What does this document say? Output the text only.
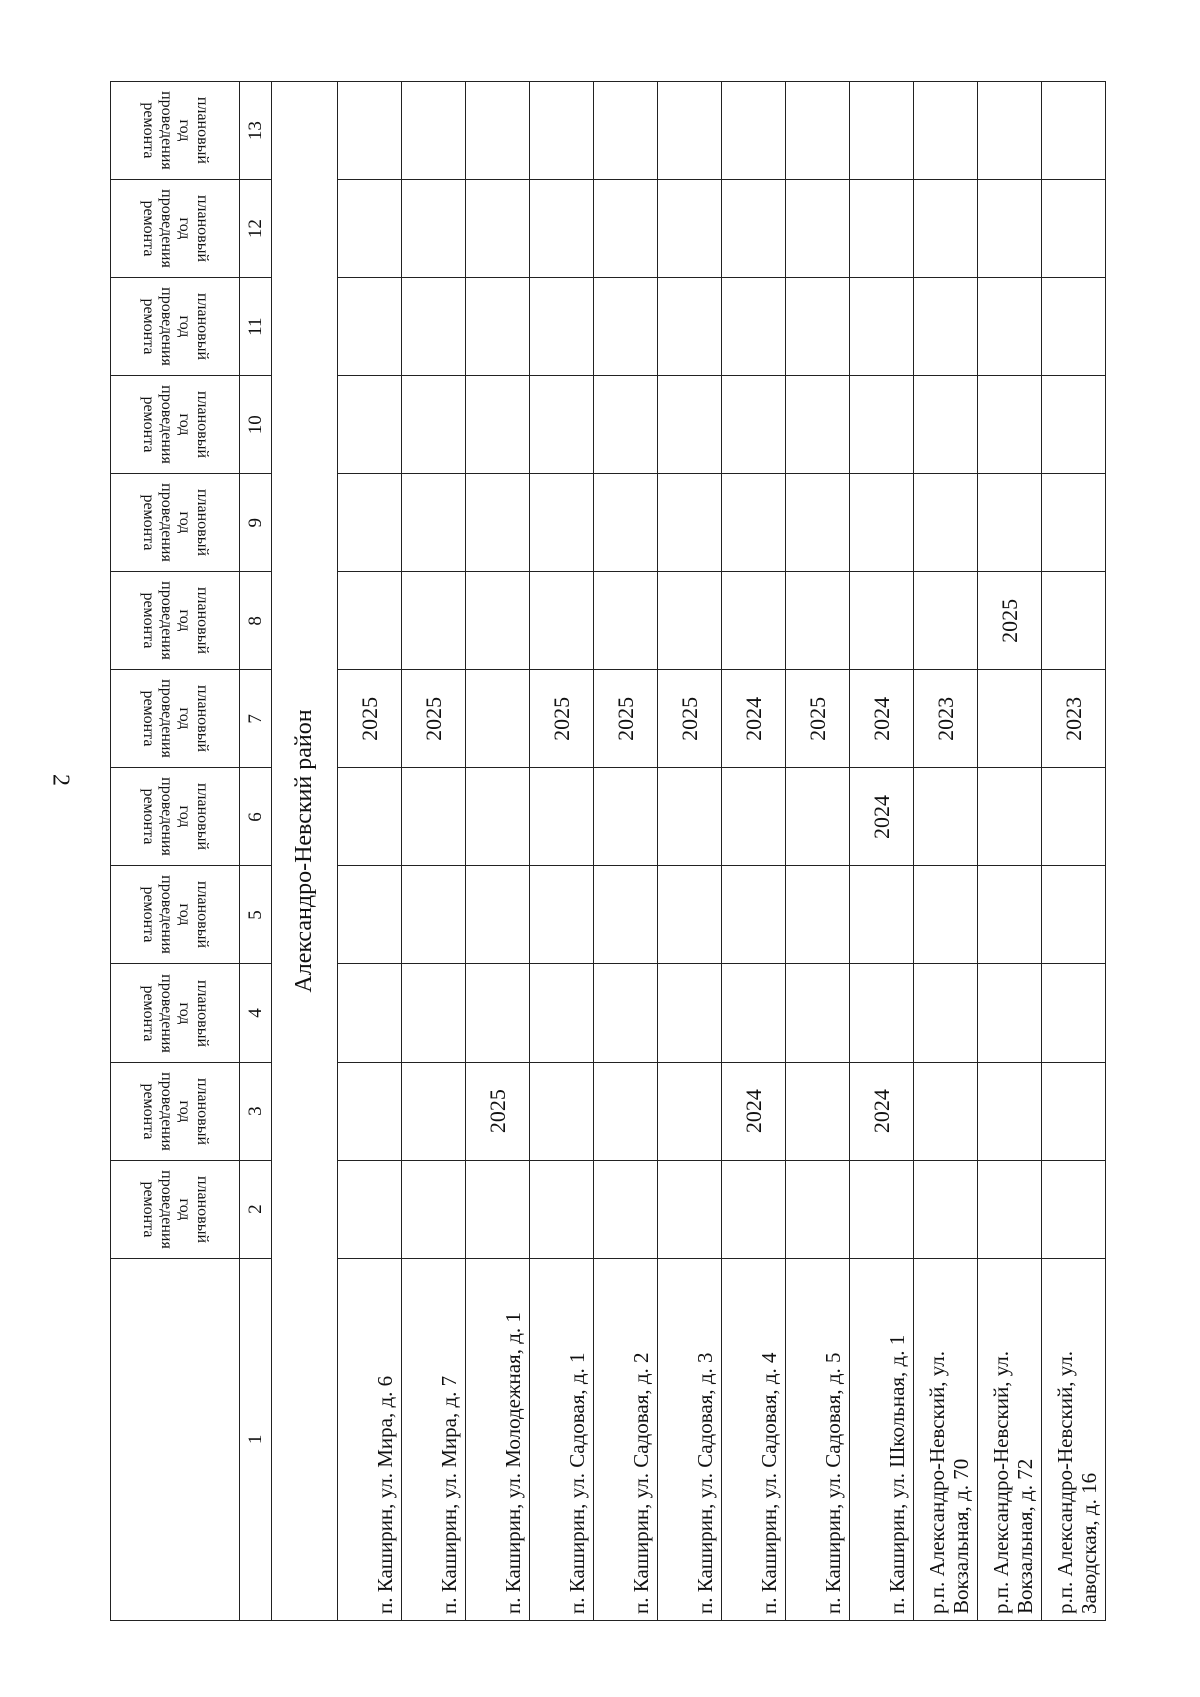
2
	плановый год проведения ремонта	плановый год проведения ремонта	плановый год проведения ремонта	плановый год проведения ремонта	плановый год проведения ремонта	плановый год проведения ремонта	плановый год проведения ремонта	плановый год проведения ремонта	плановый год проведения ремонта	плановый год проведения ремонта	плановый год проведения ремонта	плановый год проведения ремонта
1	2	3	4	5	6	7	8	9	10	11	12	13
Александро-Невский район												
п. Каширин, ул. Мира, д. 6						2025						
п. Каширин, ул. Мира, д. 7						2025						
п. Каширин, ул. Молодежная, д. 1		2025										
п. Каширин, ул. Садовая, д. 1						2025						
п. Каширин, ул. Садовая, д. 2						2025						
п. Каширин, ул. Садовая, д. 3						2025						
п. Каширин, ул. Садовая, д. 4		2024				2024						
п. Каширин, ул. Садовая, д. 5						2025						
п. Каширин, ул. Школьная, д. 1		2024			2024	2024						
р.п. Александро-Невский, ул. Вокзальная, д. 70						2023						
р.п. Александро-Невский, ул. Вокзальная, д. 72							2025					
р.п. Александро-Невский, ул. Заводская, д. 16						2023						
